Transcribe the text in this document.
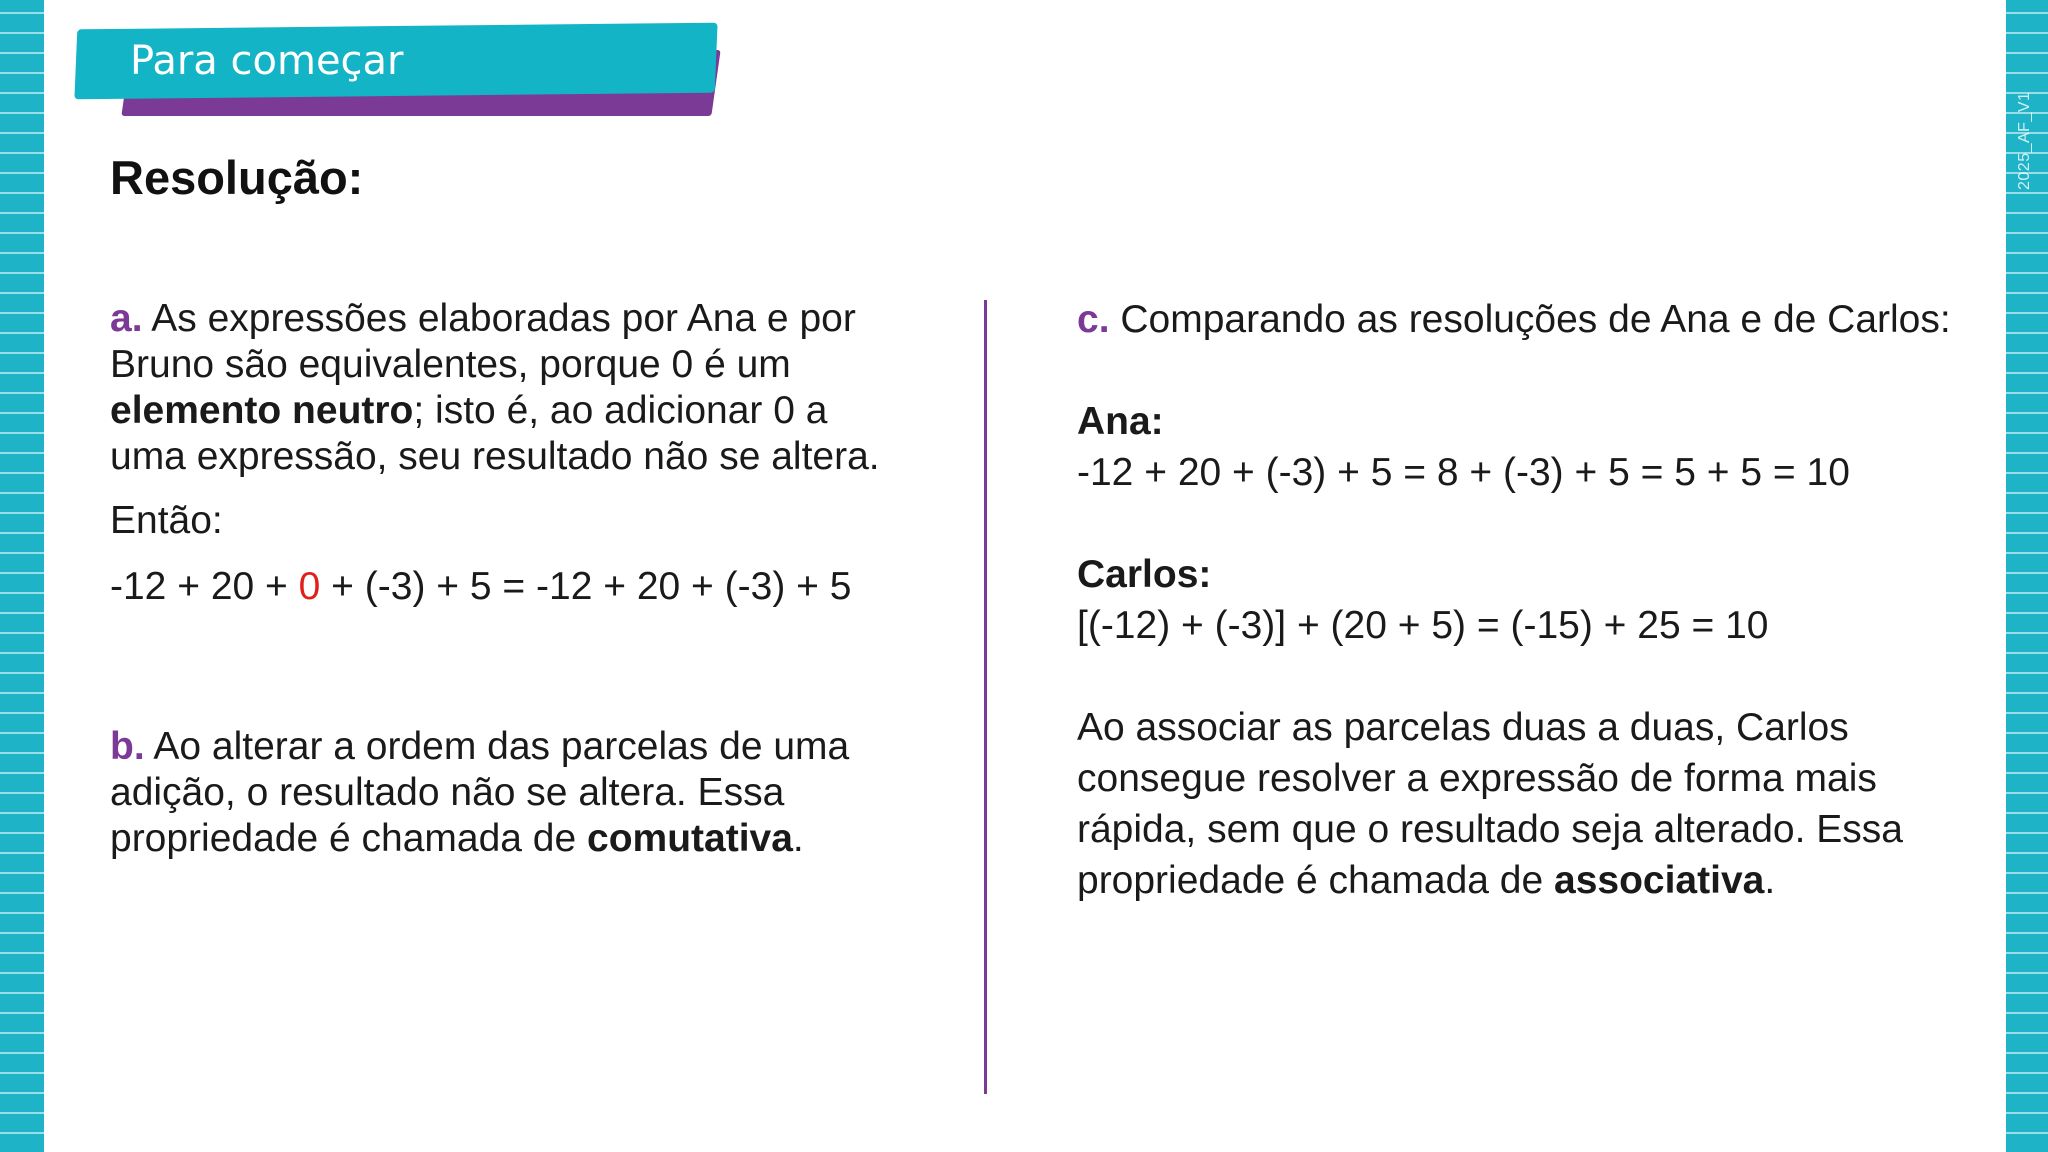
2025_AF_V1
Para começar
Resolução:

a. As expressões elaboradas por Ana e por Bruno são equivalentes, porque 0 é um elemento neutro; isto é, ao adicionar 0 a uma expressão, seu resultado não se altera.

Então:

-12 + 20 + 0 + (-3) + 5 = -12 + 20 + (-3) + 5

b. Ao alterar a ordem das parcelas de uma adição, o resultado não se altera. Essa propriedade é chamada de comutativa.

c. Comparando as resoluções de Ana e de Carlos:

Ana:

-12 + 20 + (-3) + 5 = 8 + (-3) + 5 = 5 + 5 = 10

Carlos:

[(-12) + (-3)] + (20 + 5) = (-15) + 25 = 10

Ao associar as parcelas duas a duas, Carlos consegue resolver a expressão de forma mais rápida, sem que o resultado seja alterado. Essa propriedade é chamada de associativa.
